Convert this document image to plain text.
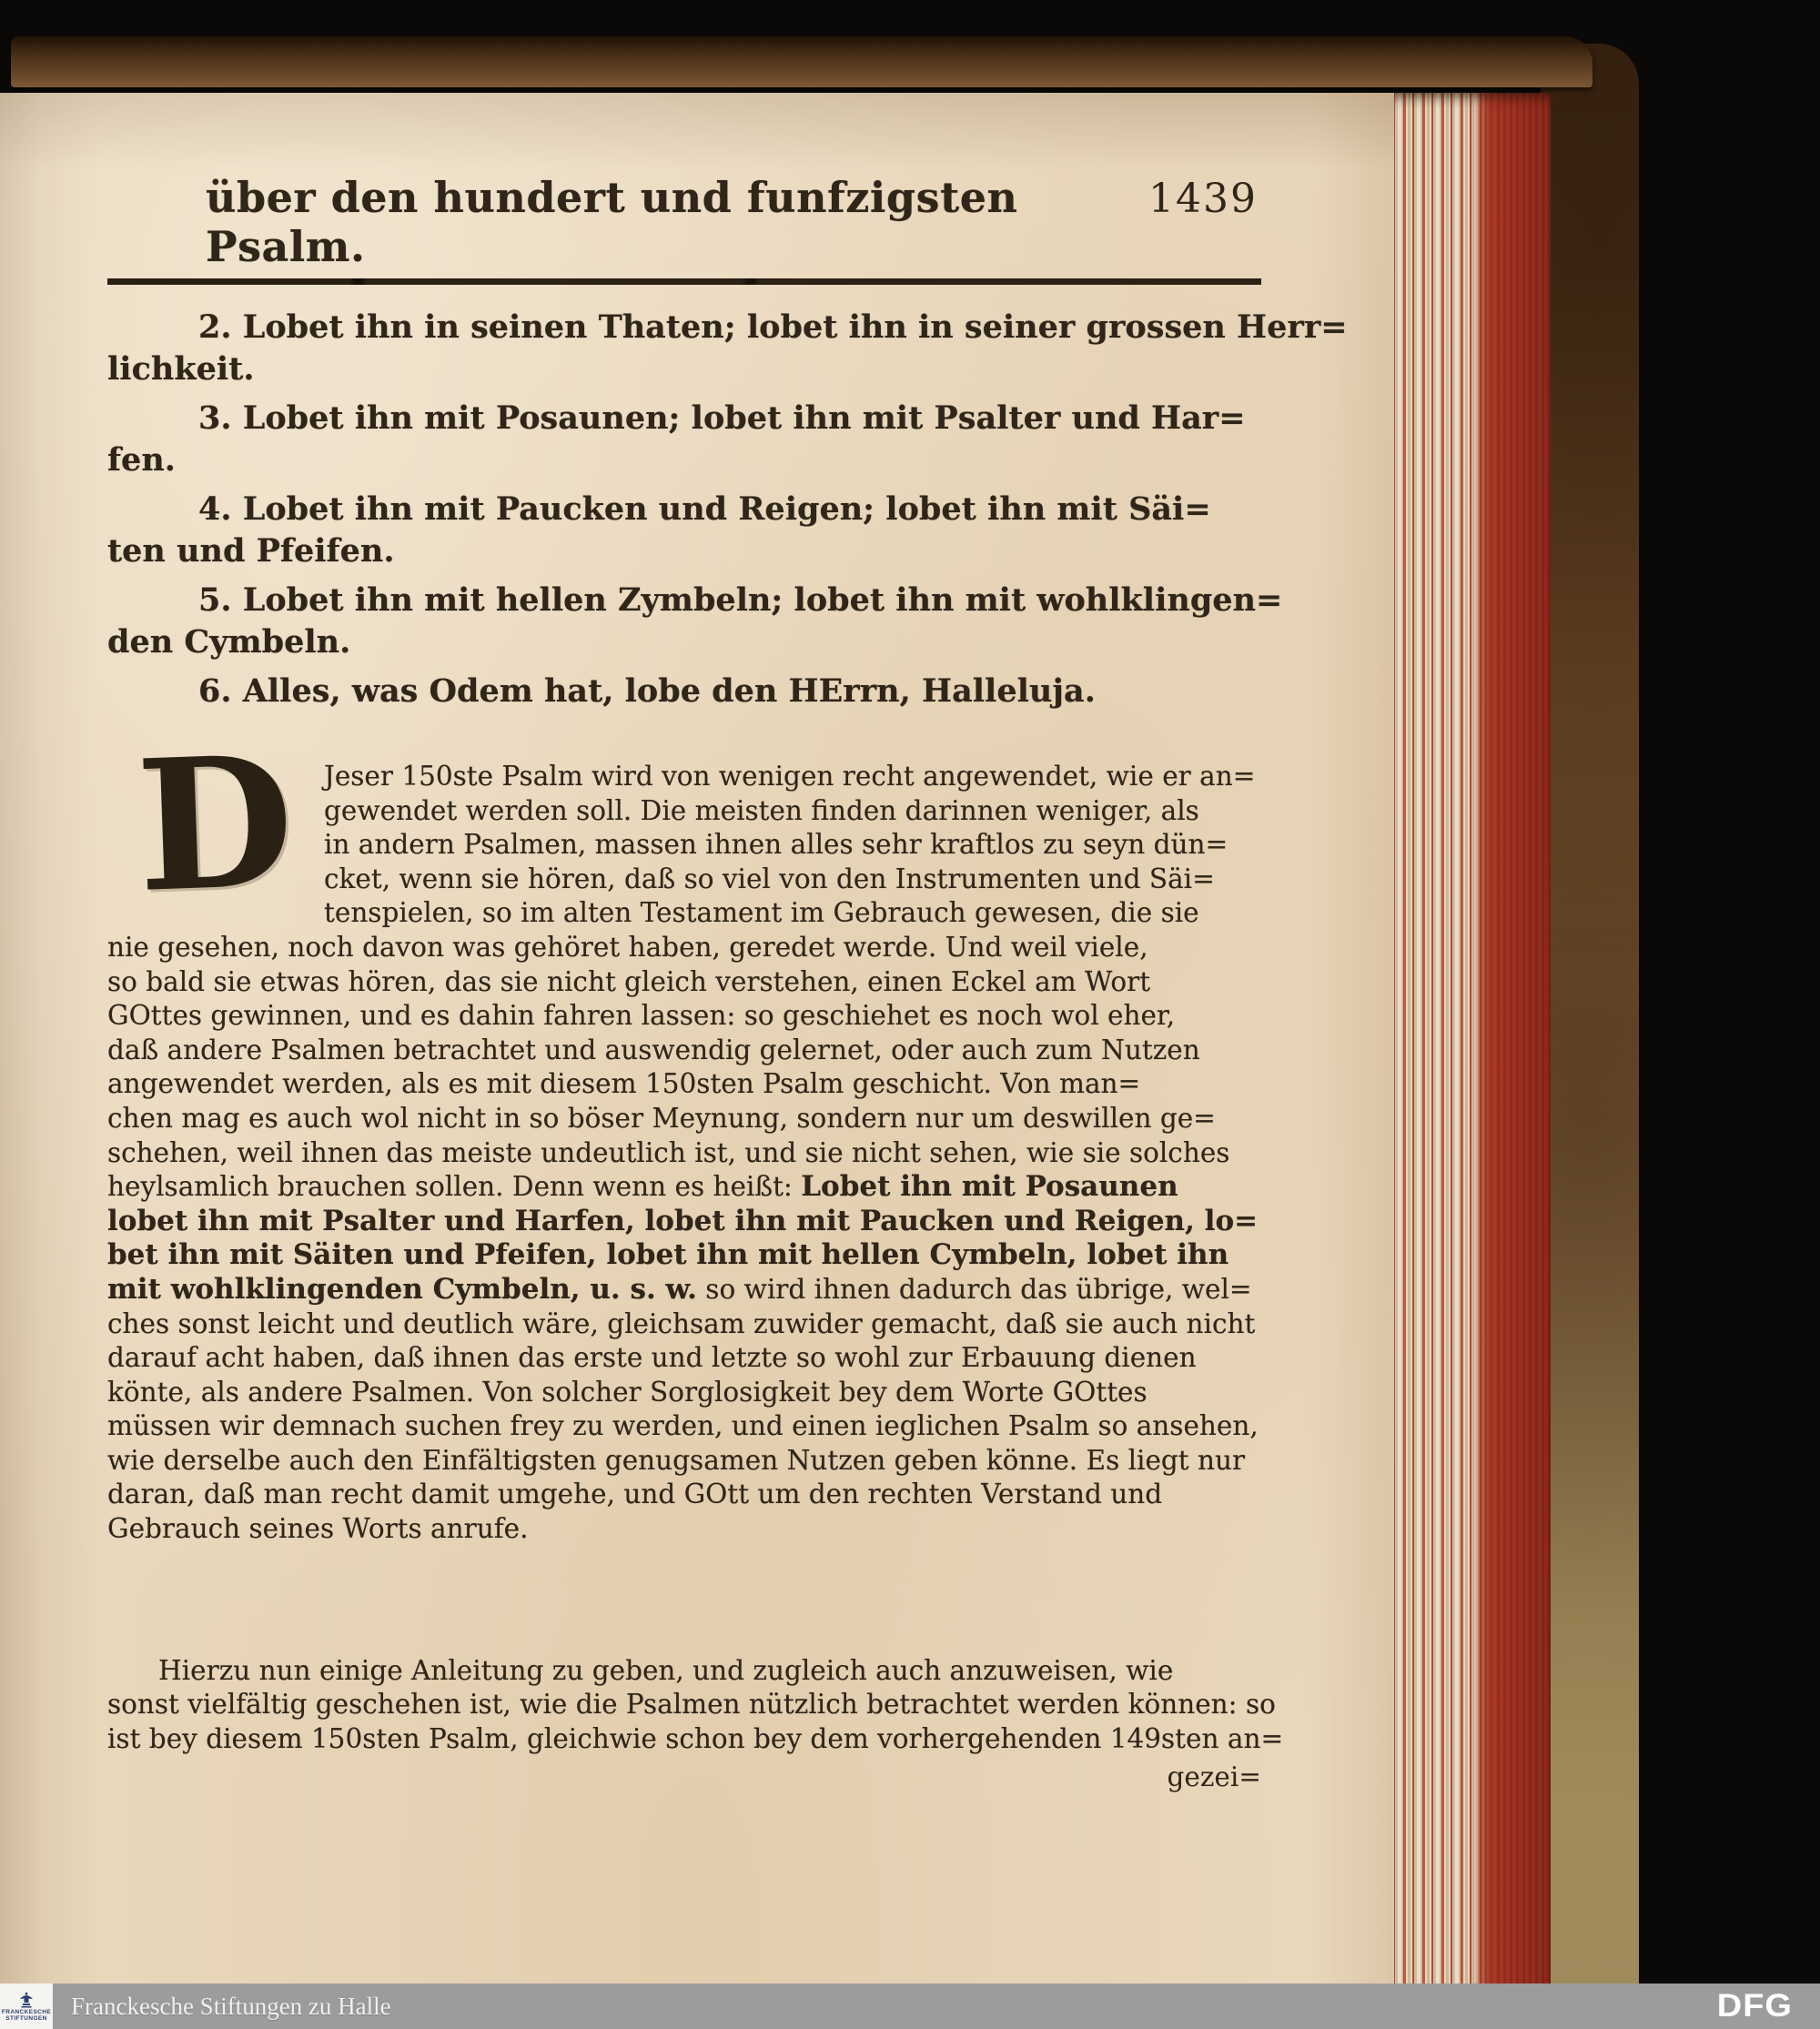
über den hundert und funfzigsten Psalm.
1439
2. Lobet ihn in seinen Thaten; lobet ihn in seiner grossen Herr=
lichkeit.
3. Lobet ihn mit Posaunen; lobet ihn mit Psalter und Har=
fen.
4. Lobet ihn mit Paucken und Reigen; lobet ihn mit Säi=
ten und Pfeifen.
5. Lobet ihn mit hellen Zymbeln; lobet ihn mit wohlklingen=
den Cymbeln.
6. Alles, was Odem hat, lobe den HErrn, Halleluja.
D	Jeser 150ste Psalm wird von wenigen recht angewendet, wie er an=
gewendet werden soll. Die meisten finden darinnen weniger, als
in andern Psalmen, massen ihnen alles sehr kraftlos zu seyn dün=
cket, wenn sie hören, daß so viel von den Instrumenten und Säi=
tenspielen, so im alten Testament im Gebrauch gewesen, die sie
nie gesehen, noch davon was gehöret haben, geredet werde. Und weil viele,
so bald sie etwas hören, das sie nicht gleich verstehen, einen Eckel am Wort
GOttes gewinnen, und es dahin fahren lassen: so geschiehet es noch wol eher,
daß andere Psalmen betrachtet und auswendig gelernet, oder auch zum Nutzen
angewendet werden, als es mit diesem 150sten Psalm geschicht. Von man=
chen mag es auch wol nicht in so böser Meynung, sondern nur um deswillen ge=
schehen, weil ihnen das meiste undeutlich ist, und sie nicht sehen, wie sie solches
heylsamlich brauchen sollen. Denn wenn es heißt: Lobet ihn mit Posaunen
lobet ihn mit Psalter und Harfen, lobet ihn mit Paucken und Reigen, lo=
bet ihn mit Säiten und Pfeifen, lobet ihn mit hellen Cymbeln, lobet ihn
mit wohlklingenden Cymbeln, u. s. w. so wird ihnen dadurch das übrige, wel=
ches sonst leicht und deutlich wäre, gleichsam zuwider gemacht, daß sie auch nicht
darauf acht haben, daß ihnen das erste und letzte so wohl zur Erbauung dienen
könte, als andere Psalmen. Von solcher Sorglosigkeit bey dem Worte GOttes
müssen wir demnach suchen frey zu werden, und einen ieglichen Psalm so ansehen,
wie derselbe auch den Einfältigsten genugsamen Nutzen geben könne. Es liegt nur
daran, daß man recht damit umgehe, und GOtt um den rechten Verstand und
Gebrauch seines Worts anrufe.
Hierzu nun einige Anleitung zu geben, und zugleich auch anzuweisen, wie
sonst vielfältig geschehen ist, wie die Psalmen nützlich betrachtet werden können: so
ist bey diesem 150sten Psalm, gleichwie schon bey dem vorhergehenden 149sten an=
gezei=
FRANCKESCHE
STIFTUNGEN Franckesche Stiftungen zu Halle	DFG
